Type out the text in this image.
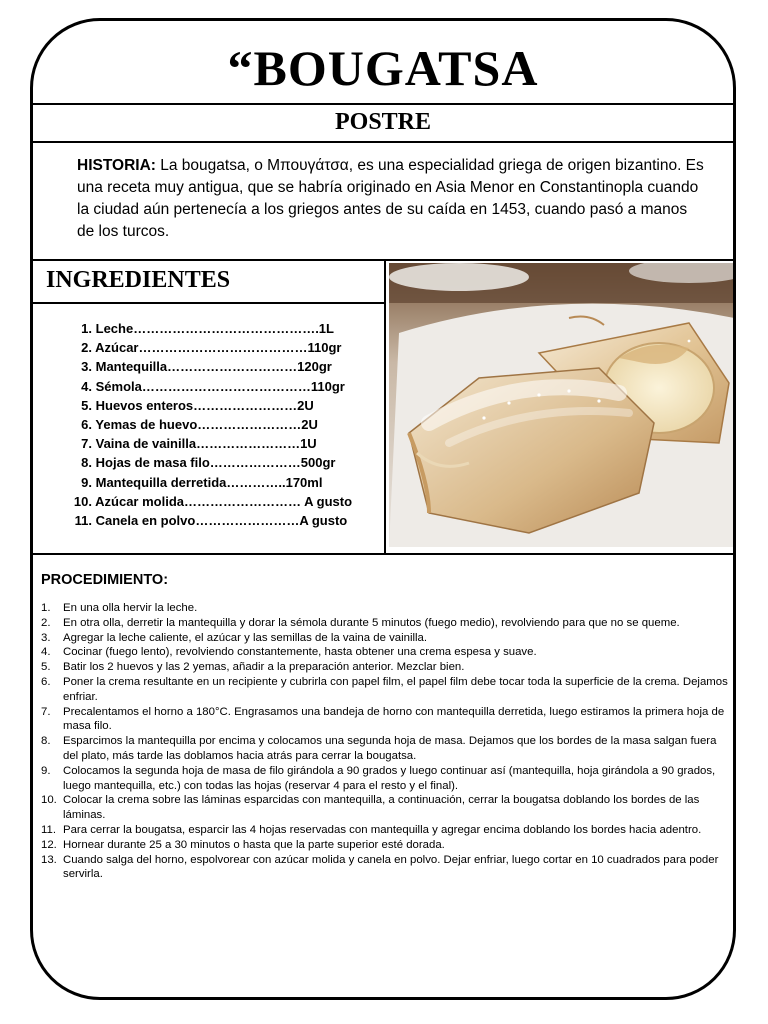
“BOUGATSA
POSTRE
HISTORIA: La bougatsa, o Μπουγάτσα, es una especialidad griega de origen bizantino. Es una receta muy antigua, que se habría originado en Asia Menor en Constantinopla cuando la ciudad aún pertenecía a los griegos antes de su caída en 1453, cuando pasó a manos de los turcos.
INGREDIENTES
1. Leche…………………………………….1L
2. Azúcar…………………………………110gr
3. Mantequilla…………………………120gr
4. Sémola…………………………………110gr
5. Huevos enteros……………………2U
6. Yemas de huevo……………………2U
7. Vaina de vainilla……………………1U
8. Hojas de masa filo…………………500gr
9. Mantequilla derretida…………..170ml
10. Azúcar molida……………………… A gusto
11. Canela en polvo……………………A gusto
PROCEDIMIENTO:
1.	En una olla hervir la leche.
2.	En otra olla, derretir la mantequilla y dorar la sémola durante 5 minutos (fuego medio), revolviendo para que no se queme.
3.	Agregar la leche caliente, el azúcar y las semillas de la vaina de vainilla.
4.	Cocinar (fuego lento), revolviendo constantemente, hasta obtener una crema espesa y suave.
5.	Batir los 2 huevos y las 2 yemas, añadir a la preparación anterior. Mezclar bien.
6.	Poner la crema resultante en un recipiente y cubrirla con papel film, el papel film debe tocar toda la superficie de la crema. Dejamos enfriar.
7.	Precalentamos el horno a 180°C. Engrasamos una bandeja de horno con mantequilla derretida, luego estiramos la primera hoja de masa filo.
8.	Esparcimos la mantequilla por encima y colocamos una segunda hoja de masa. Dejamos que los bordes de la masa salgan fuera del plato, más tarde las doblamos hacia atrás para cerrar la bougatsa.
9.	Colocamos la segunda hoja de masa de filo girándola a 90 grados y luego continuar así (mantequilla, hoja girándola a 90 grados, luego mantequilla, etc.) con todas las hojas (reservar 4 para el resto y el final).
10. Colocar la crema sobre las láminas esparcidas con mantequilla, a continuación, cerrar la bougatsa doblando los bordes de las láminas.
11. Para cerrar la bougatsa, esparcir las 4 hojas reservadas con mantequilla y agregar encima doblando los bordes hacia adentro.
12. Hornear durante 25 a 30 minutos o hasta que la parte superior esté dorada.
13. Cuando salga del horno, espolvorear con azúcar molida y canela en polvo. Dejar enfriar, luego cortar en 10 cuadrados para poder servirla.
